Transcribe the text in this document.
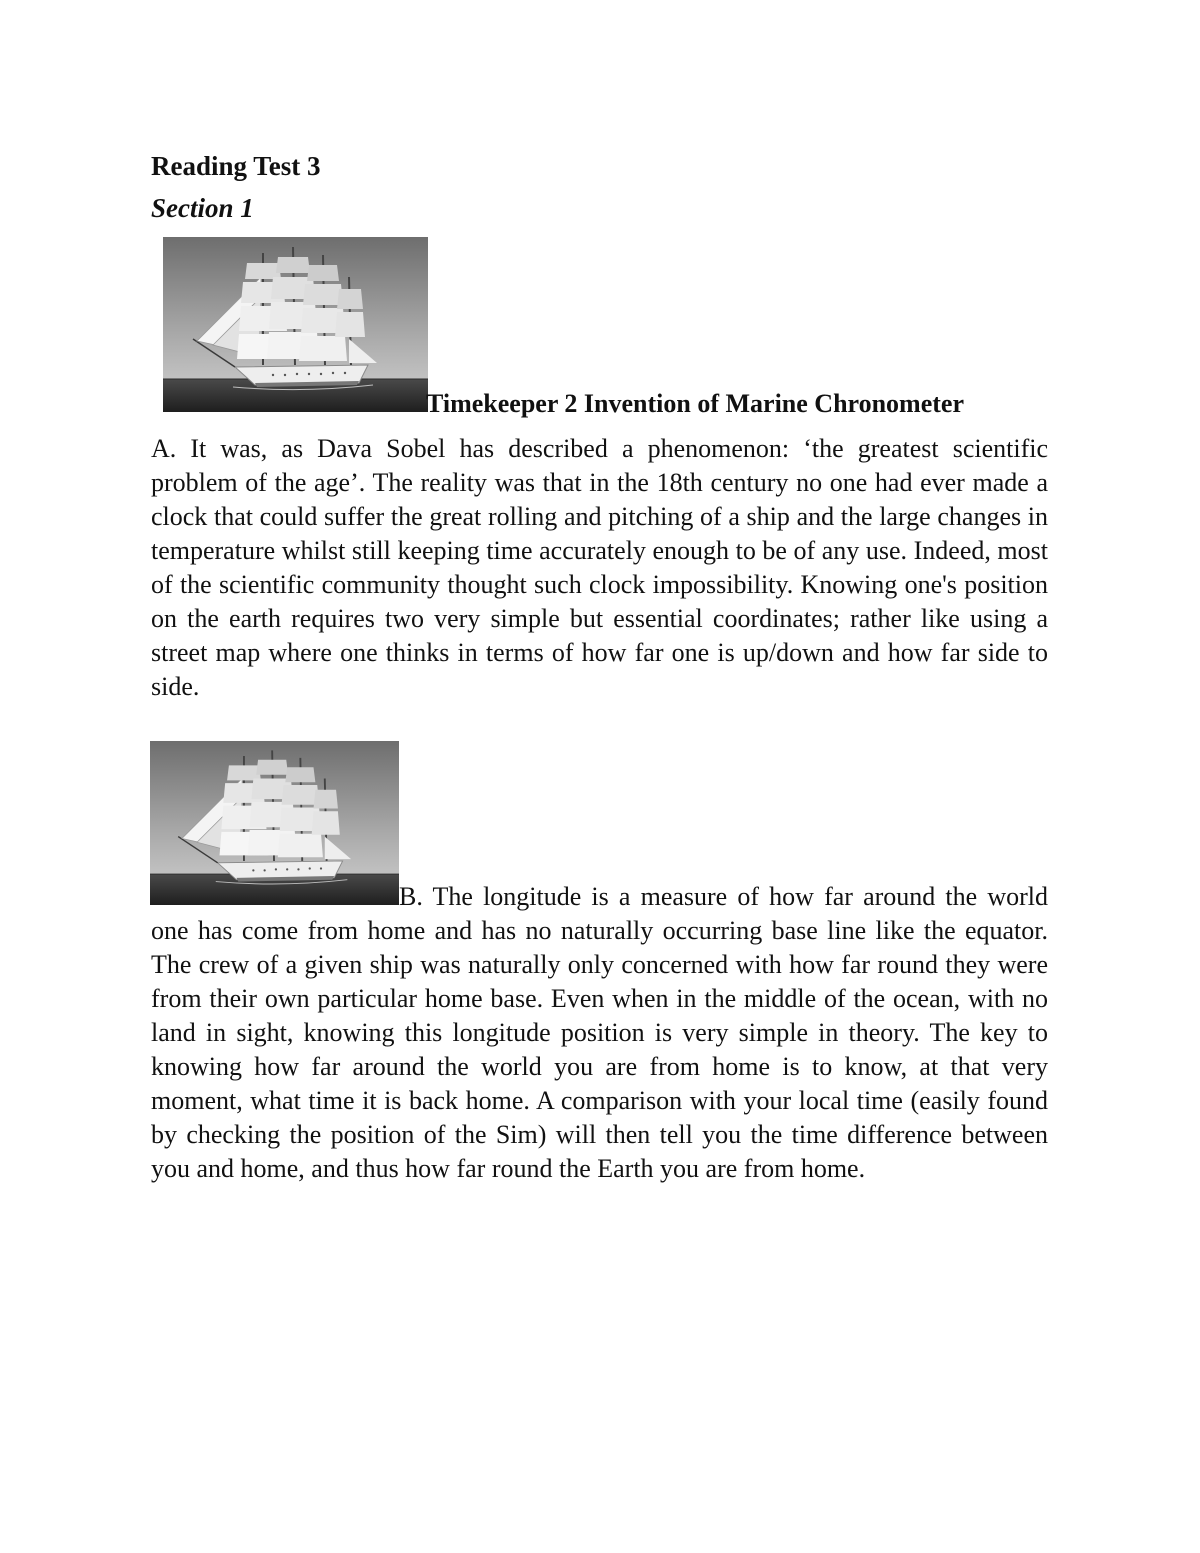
Reading Test 3
Section 1
Timekeeper 2 Invention of Marine Chronometer

A. It was, as Dava Sobel has described a phenomenon: ‘the greatest scientific problem of the age’. The reality was that in the 18th century no one had ever made a clock that could suffer the great rolling and pitching of a ship and the large changes in temperature whilst still keeping time accurately enough to be of any use. Indeed, most of the scientific community thought such clock impossibility. Knowing one's position on the earth requires two very simple but essential coordinates; rather like using a street map where one thinks in terms of how far one is up/down and how far side to side.

B. The longitude is a measure of how far around the world one has come from home and has no naturally occurring base line like the equator. The crew of a given ship was naturally only concerned with how far round they were from their own particular home base. Even when in the middle of the ocean, with no land in sight, knowing this longitude position is very simple in theory. The key to knowing how far around the world you are from home is to know, at that very moment, what time it is back home. A comparison with your local time (easily found by checking the position of the Sim) will then tell you the time difference between you and home, and thus how far round the Earth you are from home.
